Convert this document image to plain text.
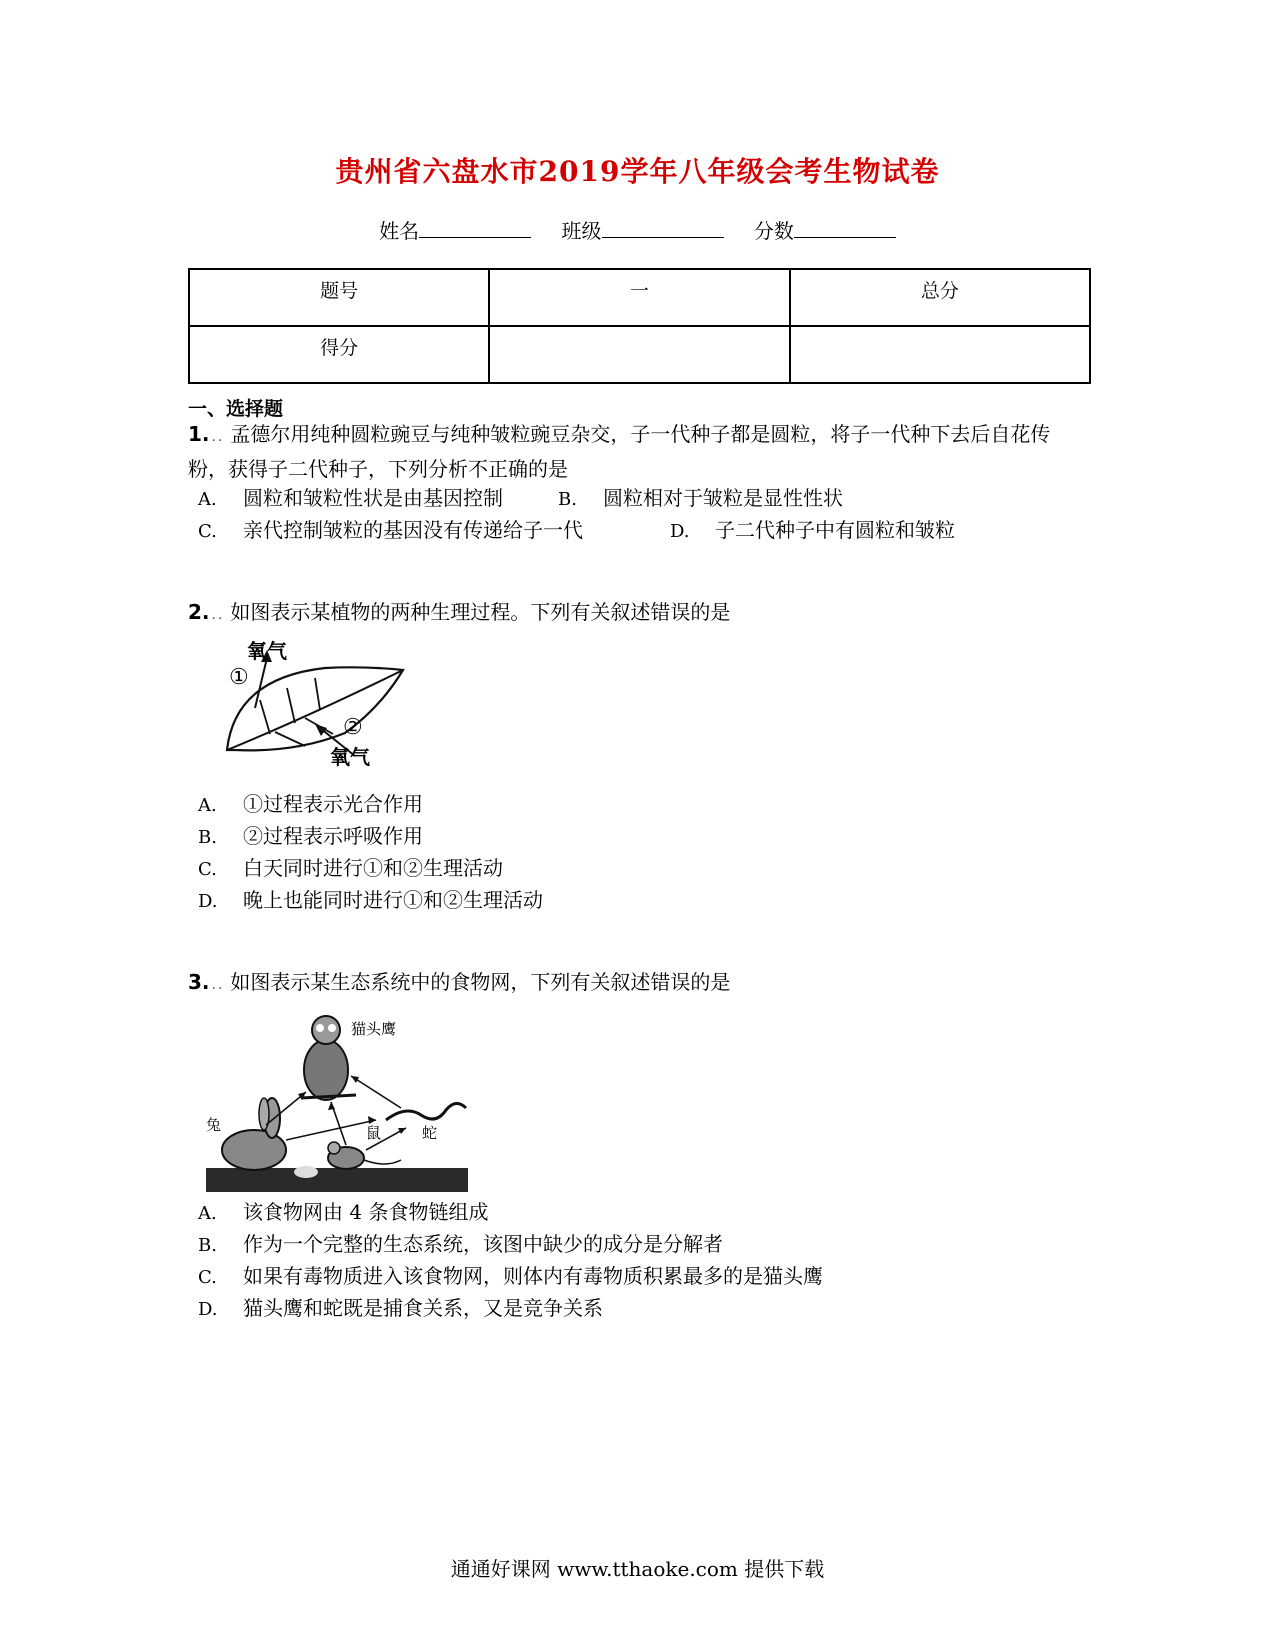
贵州省六盘水市2019学年八年级会考生物试卷
姓名	班级	分数
题号	一	总分
得分		
一、选择题
1. .. 孟德尔用纯种圆粒豌豆与纯种皱粒豌豆杂交，子一代种子都是圆粒，将子一代种下去后自花传粉，获得子二代种子，下列分析不正确的是
A. 圆粒和皱粒性状是由基因控制	B. 圆粒相对于皱粒是显性性状
C. 亲代控制皱粒的基因没有传递给子一代	D. 子二代种子中有圆粒和皱粒
2. .. 如图表示某植物的两种生理过程。下列有关叙述错误的是
氧气
①
②
氧气
A. ①过程表示光合作用
B. ②过程表示呼吸作用
C. 白天同时进行①和②生理活动
D. 晚上也能同时进行①和②生理活动
3. .. 如图表示某生态系统中的食物网，下列有关叙述错误的是
猫头鹰
兔	鼠	蛇
A. 该食物网由 4 条食物链组成
B. 作为一个完整的生态系统，该图中缺少的成分是分解者
C. 如果有毒物质进入该食物网，则体内有毒物质积累最多的是猫头鹰
D. 猫头鹰和蛇既是捕食关系，又是竞争关系
通通好课网 www.tthaoke.com 提供下载
